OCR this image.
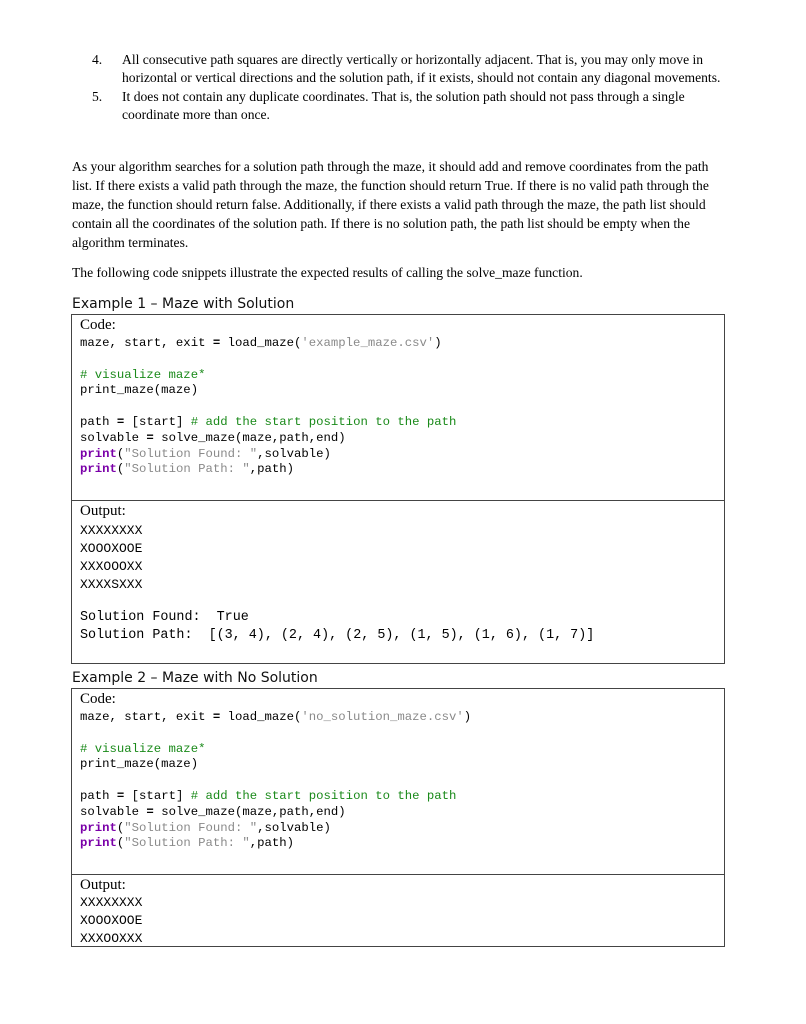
4.	All consecutive path squares are directly vertically or horizontally adjacent. That is, you may only move in horizontal or vertical directions and the solution path, if it exists, should not contain any diagonal movements.
5.	It does not contain any duplicate coordinates. That is, the solution path should not pass through a single coordinate more than once.
As your algorithm searches for a solution path through the maze, it should add and remove coordinates from the path list. If there exists a valid path through the maze, the function should return True. If there is no valid path through the maze, the function should return false. Additionally, if there exists a valid path through the maze, the path list should contain all the coordinates of the solution path. If there is no solution path, the path list should be empty when the algorithm terminates.
The following code snippets illustrate the expected results of calling the solve_maze function.
Example 1 – Maze with Solution
Code:
maze, start, exit = load_maze('example_maze.csv')

# visualize maze*
print_maze(maze)

path = [start] # add the start position to the path
solvable = solve_maze(maze,path,end)
print("Solution Found: ",solvable)
print("Solution Path: ",path)
Output:
XXXXXXXX
XOOOXOOE
XXXOOOXX
XXXXSXXX
Solution Found: True
Solution Path: [(3, 4), (2, 4), (2, 5), (1, 5), (1, 6), (1, 7)]
Example 2 – Maze with No Solution
Code:
maze, start, exit = load_maze('no_solution_maze.csv')

# visualize maze*
print_maze(maze)

path = [start] # add the start position to the path
solvable = solve_maze(maze,path,end)
print("Solution Found: ",solvable)
print("Solution Path: ",path)
Output:
XXXXXXXX
XOOOXOOE
XXXOOXXX
